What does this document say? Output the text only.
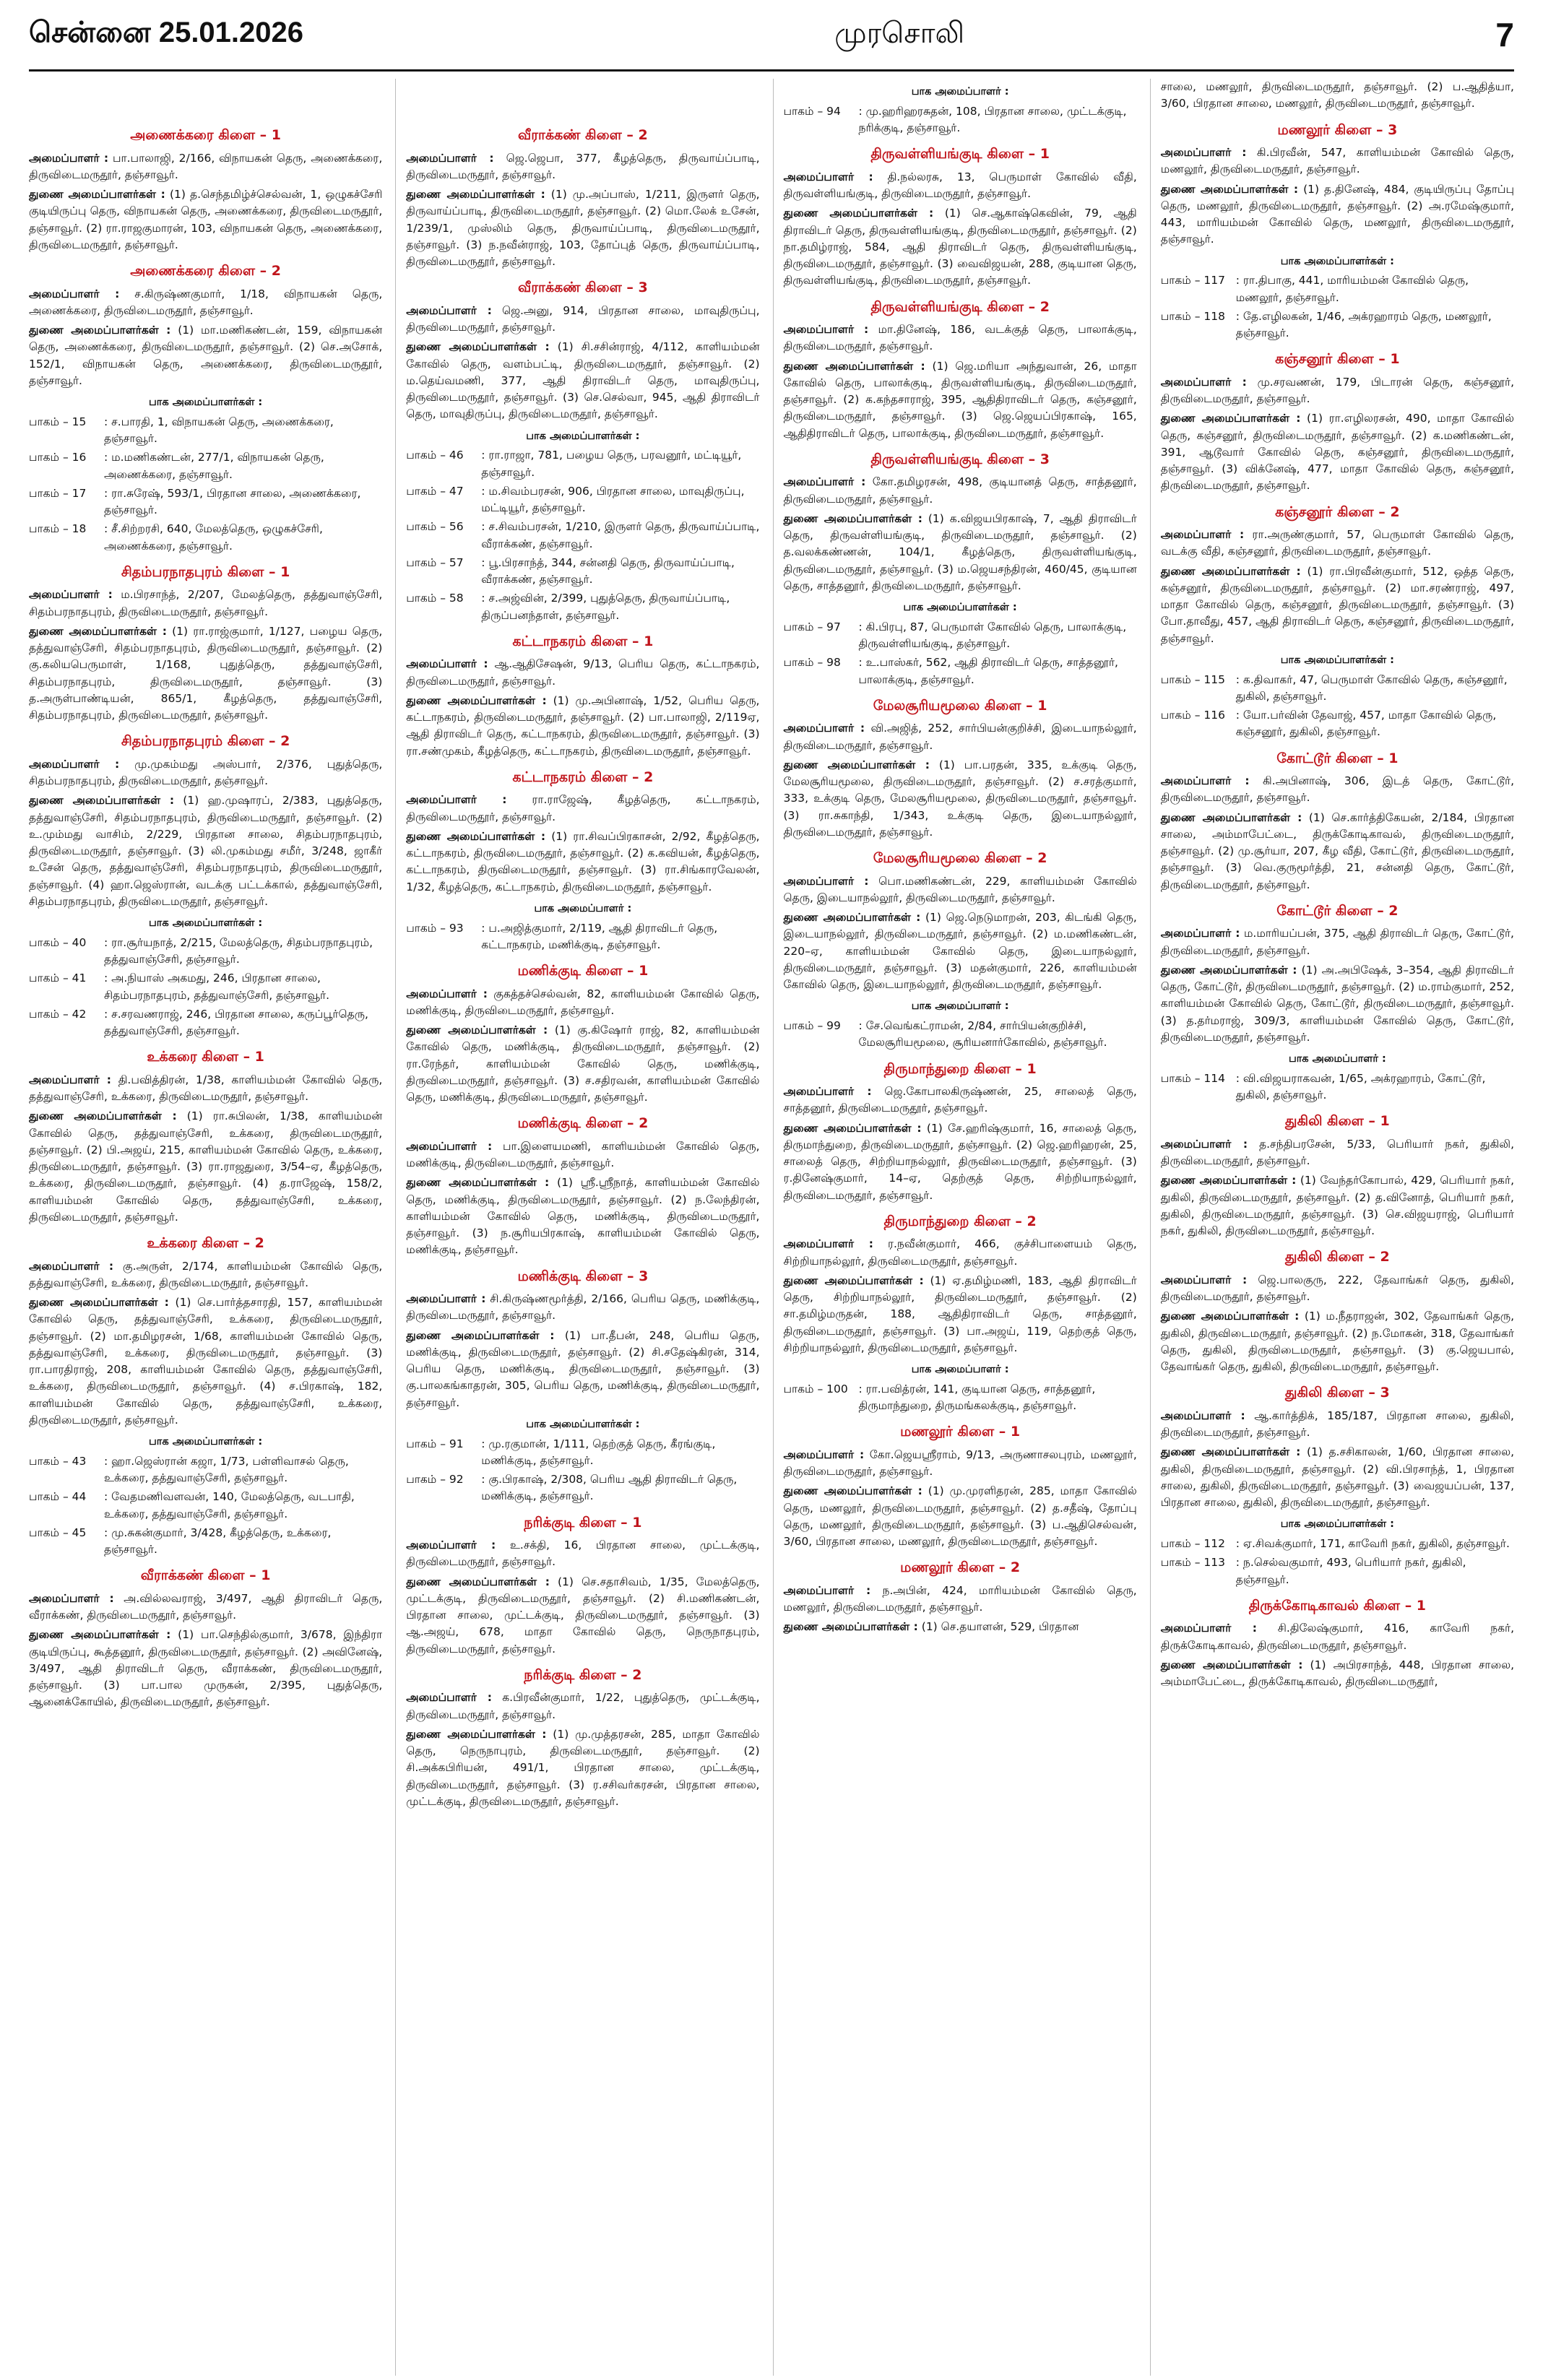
சென்னை 25.01.2026	முரசொலி	7
அணைக்கரை கிளை – 1

அமைப்பாளர் : பா.பாலாஜி, 2/166, விநாயகன் தெரு, அணைக்கரை, திருவிடைமருதூர், தஞ்சாவூர்.

துணை அமைப்பாளர்கள் : (1) த.செந்தமிழ்ச்செல்வன், 1, ஒழுகச்சேரி குடியிருப்பு தெரு, விநாயகன் தெரு, அணைக்கரை, திருவிடைமருதூர், தஞ்சாவூர். (2) ரா.ராஜகுமாரன், 103, விநாயகன் தெரு, அணைக்கரை, திருவிடைமருதூர், தஞ்சாவூர்.

அணைக்கரை கிளை – 2

அமைப்பாளர் : ச.கிருஷ்ணகுமார், 1/18, விநாயகன் தெரு, அணைக்கரை, திருவிடைமருதூர், தஞ்சாவூர்.

துணை அமைப்பாளர்கள் : (1) மா.மணிகண்டன், 159, விநாயகன் தெரு, அணைக்கரை, திருவிடைமருதூர், தஞ்சாவூர். (2) செ.அசோக், 152/1, விநாயகன் தெரு, அணைக்கரை, திருவிடைமருதூர், தஞ்சாவூர்.

பாக அமைப்பாளர்கள் :
பாகம் – 15	: ச.பாரதி, 1, விநாயகன் தெரு, அணைக்கரை, தஞ்சாவூர்.
பாகம் – 16	: ம.மணிகண்டன், 277/1, விநாயகன் தெரு, அணைக்கரை, தஞ்சாவூர்.
பாகம் – 17	: ரா.சுரேஷ், 593/1, பிரதான சாலை, அணைக்கரை, தஞ்சாவூர்.
பாகம் – 18	: சீ.சிற்றரசி, 640, மேலத்தெரு, ஒழுகச்சேரி, அணைக்கரை, தஞ்சாவூர்.
சிதம்பரநாதபுரம் கிளை – 1

அமைப்பாளர் : ம.பிரசாந்த், 2/207, மேலத்தெரு, தத்துவாஞ்சேரி, சிதம்பரநாதபுரம், திருவிடைமருதூர், தஞ்சாவூர்.

துணை அமைப்பாளர்கள் : (1) ரா.ராஜ்குமார், 1/127, பழைய தெரு, தத்துவாஞ்சேரி, சிதம்பரநாதபுரம், திருவிடைமருதூர், தஞ்சாவூர். (2) கு.கலியபெருமாள், 1/168, புதுத்தெரு, தத்துவாஞ்சேரி, சிதம்பரநாதபுரம், திருவிடைமருதூர், தஞ்சாவூர். (3) த.அருள்பாண்டியன், 865/1, கீழத்தெரு, தத்துவாஞ்சேரி, சிதம்பரநாதபுரம், திருவிடைமருதூர், தஞ்சாவூர்.

சிதம்பரநாதபுரம் கிளை – 2

அமைப்பாளர் : மு.முகம்மது அஸ்பார், 2/376, புதுத்தெரு, சிதம்பரநாதபுரம், திருவிடைமருதூர், தஞ்சாவூர்.

துணை அமைப்பாளர்கள் : (1) ஹ.முஷாரப், 2/383, புதுத்தெரு, தத்துவாஞ்சேரி, சிதம்பரநாதபுரம், திருவிடைமருதூர், தஞ்சாவூர். (2) உ.மும்மது வாசிம், 2/229, பிரதான சாலை, சிதம்பரநாதபுரம், திருவிடைமருதூர், தஞ்சாவூர். (3) லி.முகம்மது சமீர், 3/248, ஜாகீர் உசேன் தெரு, தத்துவாஞ்சேரி, சிதம்பரநாதபுரம், திருவிடைமருதூர், தஞ்சாவூர். (4) ஹா.ஜெஸ்ரான், வடக்கு பட்டக்கால், தத்துவாஞ்சேரி, சிதம்பரநாதபுரம், திருவிடைமருதூர், தஞ்சாவூர்.

பாக அமைப்பாளர்கள் :
பாகம் – 40	: ரா.சூர்யநாத், 2/215, மேலத்தெரு, சிதம்பரநாதபுரம், தத்துவாஞ்சேரி, தஞ்சாவூர்.
பாகம் – 41	: அ.நியாஸ் அகமது, 246, பிரதான சாலை, சிதம்பரநாதபுரம், தத்துவாஞ்சேரி, தஞ்சாவூர்.
பாகம் – 42	: ச.சரவணராஜ், 246, பிரதான சாலை, கருப்பூர்தெரு, தத்துவாஞ்சேரி, தஞ்சாவூர்.
உக்கரை கிளை – 1

அமைப்பாளர் : தி.பவித்திரன், 1/38, காளியம்மன் கோவில் தெரு, தத்துவாஞ்சேரி, உக்கரை, திருவிடைமருதூர், தஞ்சாவூர்.

துணை அமைப்பாளர்கள் : (1) ரா.சுபிலன், 1/38, காளியம்மன் கோவில் தெரு, தத்துவாஞ்சேரி, உக்கரை, திருவிடைமருதூர், தஞ்சாவூர். (2) பி.அஜய், 215, காளியம்மன் கோவில் தெரு, உக்கரை, திருவிடைமருதூர், தஞ்சாவூர். (3) ரா.ராஜதுரை, 3/54–ஏ, கீழத்தெரு, உக்கரை, திருவிடைமருதூர், தஞ்சாவூர். (4) த.ராஜேஷ், 158/2, காளியம்மன் கோவில் தெரு, தத்துவாஞ்சேரி, உக்கரை, திருவிடைமருதூர், தஞ்சாவூர்.

உக்கரை கிளை – 2

அமைப்பாளர் : கு.அருள், 2/174, காளியம்மன் கோவில் தெரு, தத்துவாஞ்சேரி, உக்கரை, திருவிடைமருதூர், தஞ்சாவூர்.

துணை அமைப்பாளர்கள் : (1) செ.பார்த்தசாரதி, 157, காளியம்மன் கோவில் தெரு, தத்துவாஞ்சேரி, உக்கரை, திருவிடைமருதூர், தஞ்சாவூர். (2) மா.தமிழரசன், 1/68, காளியம்மன் கோவில் தெரு, தத்துவாஞ்சேரி, உக்கரை, திருவிடைமருதூர், தஞ்சாவூர். (3) ரா.பாரதிராஜ், 208, காளியம்மன் கோவில் தெரு, தத்துவாஞ்சேரி, உக்கரை, திருவிடைமருதூர், தஞ்சாவூர். (4) ச.பிரகாஷ், 182, காளியம்மன் கோவில் தெரு, தத்துவாஞ்சேரி, உக்கரை, திருவிடைமருதூர், தஞ்சாவூர்.

பாக அமைப்பாளர்கள் :
பாகம் – 43	: ஹா.ஜெஸ்ரான் கஜா, 1/73, பள்ளிவாசல் தெரு, உக்கரை, தத்துவாஞ்சேரி, தஞ்சாவூர்.
பாகம் – 44	: வேதமணிவளவன், 140, மேலத்தெரு, வடபாதி, உக்கரை, தத்துவாஞ்சேரி, தஞ்சாவூர்.
பாகம் – 45	: மு.சுகன்குமார், 3/428, கீழத்தெரு, உக்கரை, தஞ்சாவூர்.
வீராக்கண் கிளை – 1

அமைப்பாளர் : அ.வில்லவராஜ், 3/497, ஆதி திராவிடர் தெரு, வீராக்கண், திருவிடைமருதூர், தஞ்சாவூர்.

துணை அமைப்பாளர்கள் : (1) பா.செந்தில்குமார், 3/678, இந்திரா குடியிருப்பு, கூத்தனூர், திருவிடைமருதூர், தஞ்சாவூர். (2) அவினேஷ், 3/497, ஆதி திராவிடர் தெரு, வீராக்கண், திருவிடைமருதூர், தஞ்சாவூர். (3) பா.பால முருகன், 2/395, புதுத்தெரு, ஆனைக்கோயில், திருவிடைமருதூர், தஞ்சாவூர்.

வீராக்கண் கிளை – 2

அமைப்பாளர் : ஜெ.ஜெபா, 377, கீழத்தெரு, திருவாய்ப்பாடி, திருவிடைமருதூர், தஞ்சாவூர்.

துணை அமைப்பாளர்கள் : (1) மு.அப்பாஸ், 1/211, இருளர் தெரு, திருவாய்ப்பாடி, திருவிடைமருதூர், தஞ்சாவூர். (2) மொ.லேக் உசேன், 1/239/1, முஸ்லிம் தெரு, திருவாய்ப்பாடி, திருவிடைமருதூர், தஞ்சாவூர். (3) ந.நவீன்ராஜ், 103, தோப்புத் தெரு, திருவாய்ப்பாடி, திருவிடைமருதூர், தஞ்சாவூர்.

வீராக்கண் கிளை – 3

அமைப்பாளர் : ஜெ.அனு, 914, பிரதான சாலை, மாவுதிருப்பு, திருவிடைமருதூர், தஞ்சாவூர்.

துணை அமைப்பாளர்கள் : (1) சி.சசின்ராஜ், 4/112, காளியம்மன் கோவில் தெரு, வளம்பட்டி, திருவிடைமருதூர், தஞ்சாவூர். (2) ம.தெய்வமணி, 377, ஆதி திராவிடர் தெரு, மாவுதிருப்பு, திருவிடைமருதூர், தஞ்சாவூர். (3) செ.செல்வா, 945, ஆதி திராவிடர் தெரு, மாவுதிருப்பு, திருவிடைமருதூர், தஞ்சாவூர்.

பாக அமைப்பாளர்கள் :
பாகம் – 46	: ரா.ராஜா, 781, பழைய தெரு, பரவனூர், மட்டியூர், தஞ்சாவூர்.
பாகம் – 47	: ம.சிவம்பரசன், 906, பிரதான சாலை, மாவுதிருப்பு, மட்டியூர், தஞ்சாவூர்.
பாகம் – 56	: ச.சிவம்பரசன், 1/210, இருளர் தெரு, திருவாய்ப்பாடி, வீராக்கண், தஞ்சாவூர்.
பாகம் – 57	: பூ.பிரசாந்த், 344, சன்னதி தெரு, திருவாய்ப்பாடி, வீராக்கண், தஞ்சாவூர்.
பாகம் – 58	: ச.அஜ்வின், 2/399, புதுத்தெரு, திருவாய்ப்பாடி, திருப்பனந்தாள், தஞ்சாவூர்.
கட்டாநகரம் கிளை – 1

அமைப்பாளர் : ஆ.ஆதிசேஷன், 9/13, பெரிய தெரு, கட்டாநகரம், திருவிடைமருதூர், தஞ்சாவூர்.

துணை அமைப்பாளர்கள் : (1) மு.அபினாஷ், 1/52, பெரிய தெரு, கட்டாநகரம், திருவிடைமருதூர், தஞ்சாவூர். (2) பா.பாலாஜி, 2/119ஏ, ஆதி திராவிடர் தெரு, கட்டாநகரம், திருவிடைமருதூர், தஞ்சாவூர். (3) ரா.சண்முகம், கீழத்தெரு, கட்டாநகரம், திருவிடைமருதூர், தஞ்சாவூர்.

கட்டாநகரம் கிளை – 2

அமைப்பாளர் : ரா.ராஜேஷ், கீழத்தெரு, கட்டாநகரம், திருவிடைமருதூர், தஞ்சாவூர்.

துணை அமைப்பாளர்கள் : (1) ரா.சிவப்பிரகாசன், 2/92, கீழத்தெரு, கட்டாநகரம், திருவிடைமருதூர், தஞ்சாவூர். (2) க.கவியன், கீழத்தெரு, கட்டாநகரம், திருவிடைமருதூர், தஞ்சாவூர். (3) ரா.சிங்காரவேலன், 1/32, கீழத்தெரு, கட்டாநகரம், திருவிடைமருதூர், தஞ்சாவூர்.

பாக அமைப்பாளர் :
பாகம் – 93	: ப.அஜித்குமார், 2/119, ஆதி திராவிடர் தெரு, கட்டாநகரம், மணிக்குடி, தஞ்சாவூர்.
மணிக்குடி கிளை – 1

அமைப்பாளர் : குகத்தச்செல்வன், 82, காளியம்மன் கோவில் தெரு, மணிக்குடி, திருவிடைமருதூர், தஞ்சாவூர்.

துணை அமைப்பாளர்கள் : (1) கு.கிஷோர் ராஜ், 82, காளியம்மன் கோவில் தெரு, மணிக்குடி, திருவிடைமருதூர், தஞ்சாவூர். (2) ரா.ரேந்தர், காளியம்மன் கோவில் தெரு, மணிக்குடி, திருவிடைமருதூர், தஞ்சாவூர். (3) ச.சதிரவன், காளியம்மன் கோவில் தெரு, மணிக்குடி, திருவிடைமருதூர், தஞ்சாவூர்.

மணிக்குடி கிளை – 2

அமைப்பாளர் : பா.இளையமணி, காளியம்மன் கோவில் தெரு, மணிக்குடி, திருவிடைமருதூர், தஞ்சாவூர்.

துணை அமைப்பாளர்கள் : (1) ஸ்ரீ.ஸ்ரீநாத், காளியம்மன் கோவில் தெரு, மணிக்குடி, திருவிடைமருதூர், தஞ்சாவூர். (2) ந.லேந்திரன், காளியம்மன் கோவில் தெரு, மணிக்குடி, திருவிடைமருதூர், தஞ்சாவூர். (3) ந.சூரியபிரகாஷ், காளியம்மன் கோவில் தெரு, மணிக்குடி, தஞ்சாவூர்.

மணிக்குடி கிளை – 3

அமைப்பாளர் : சி.கிருஷ்ணமூர்த்தி, 2/166, பெரிய தெரு, மணிக்குடி, திருவிடைமருதூர், தஞ்சாவூர்.

துணை அமைப்பாளர்கள் : (1) பா.தீபன், 248, பெரிய தெரு, மணிக்குடி, திருவிடைமருதூர், தஞ்சாவூர். (2) சி.சதேஷ்கிரன், 314, பெரிய தெரு, மணிக்குடி, திருவிடைமருதூர், தஞ்சாவூர். (3) கு.பாலகங்காதரன், 305, பெரிய தெரு, மணிக்குடி, திருவிடைமருதூர், தஞ்சாவூர்.

பாக அமைப்பாளர்கள் :
பாகம் – 91	: மு.ரகுமான், 1/111, தெற்குத் தெரு, கீரங்குடி, மணிக்குடி, தஞ்சாவூர்.
பாகம் – 92	: கு.பிரகாஷ், 2/308, பெரிய ஆதி திராவிடர் தெரு, மணிக்குடி, தஞ்சாவூர்.
நரிக்குடி கிளை – 1

அமைப்பாளர் : உ.சக்தி, 16, பிரதான சாலை, முட்டக்குடி, திருவிடைமருதூர், தஞ்சாவூர்.

துணை அமைப்பாளர்கள் : (1) செ.சதாசிவம், 1/35, மேலத்தெரு, முட்டக்குடி, திருவிடைமருதூர், தஞ்சாவூர். (2) சி.மணிகண்டன், பிரதான சாலை, முட்டக்குடி, திருவிடைமருதூர், தஞ்சாவூர். (3) ஆ.அஜய், 678, மாதா கோவில் தெரு, நெருநாதபுரம், திருவிடைமருதூர், தஞ்சாவூர்.

நரிக்குடி கிளை – 2

அமைப்பாளர் : க.பிரவீன்குமார், 1/22, புதுத்தெரு, முட்டக்குடி, திருவிடைமருதூர், தஞ்சாவூர்.

துணை அமைப்பாளர்கள் : (1) மு.முத்தரசன், 285, மாதா கோவில் தெரு, நெருநாபுரம், திருவிடைமருதூர், தஞ்சாவூர். (2) சி.அக்கபிரியன், 491/1, பிரதான சாலை, முட்டக்குடி, திருவிடைமருதூர், தஞ்சாவூர். (3) ர.சசிவர்கரசன், பிரதான சாலை, முட்டக்குடி, திருவிடைமருதூர், தஞ்சாவூர்.

பாக அமைப்பாளர் :
பாகம் – 94	: மு.ஹரிஹரசுதன், 108, பிரதான சாலை, முட்டக்குடி, நரிக்குடி, தஞ்சாவூர்.
திருவள்ளியங்குடி கிளை – 1

அமைப்பாளர் : தி.நல்லரசு, 13, பெருமாள் கோவில் வீதி, திருவள்ளியங்குடி, திருவிடைமருதூர், தஞ்சாவூர்.

துணை அமைப்பாளர்கள் : (1) செ.ஆகாஷ்கெவின், 79, ஆதி திராவிடர் தெரு, திருவள்ளியங்குடி, திருவிடைமருதூர், தஞ்சாவூர். (2) நா.தமிழ்ராஜ், 584, ஆதி திராவிடர் தெரு, திருவள்ளியங்குடி, திருவிடைமருதூர், தஞ்சாவூர். (3) வைவிஜயன், 288, குடியான தெரு, திருவள்ளியங்குடி, திருவிடைமருதூர், தஞ்சாவூர்.

திருவள்ளியங்குடி கிளை – 2

அமைப்பாளர் : மா.தினேஷ், 186, வடக்குத் தெரு, பாலாக்குடி, திருவிடைமருதூர், தஞ்சாவூர்.

துணை அமைப்பாளர்கள் : (1) ஜெ.மரியா அந்துவான், 26, மாதா கோவில் தெரு, பாலாக்குடி, திருவள்ளியங்குடி, திருவிடைமருதூர், தஞ்சாவூர். (2) க.கந்தசாராஜ், 395, ஆதிதிராவிடர் தெரு, கஞ்சனூர், திருவிடைமருதூர், தஞ்சாவூர். (3) ஜெ.ஜெயப்பிரகாஷ், 165, ஆதிதிராவிடர் தெரு, பாலாக்குடி, திருவிடைமருதூர், தஞ்சாவூர்.

திருவள்ளியங்குடி கிளை – 3

அமைப்பாளர் : கோ.தமிழரசன், 498, குடியானத் தெரு, சாத்தனூர், திருவிடைமருதூர், தஞ்சாவூர்.

துணை அமைப்பாளர்கள் : (1) க.விஜயபிரகாஷ், 7, ஆதி திராவிடர் தெரு, திருவள்ளியங்குடி, திருவிடைமருதூர், தஞ்சாவூர். (2) த.வலக்கண்ணன், 104/1, கீழத்தெரு, திருவள்ளியங்குடி, திருவிடைமருதூர், தஞ்சாவூர். (3) ம.ஜெயசந்திரன், 460/45, குடியான தெரு, சாத்தனூர், திருவிடைமருதூர், தஞ்சாவூர்.

பாக அமைப்பாளர்கள் :
பாகம் – 97	: கி.பிரபு, 87, பெருமாள் கோவில் தெரு, பாலாக்குடி, திருவள்ளியங்குடி, தஞ்சாவூர்.
பாகம் – 98	: உ.பாஸ்கர், 562, ஆதி திராவிடர் தெரு, சாத்தனூர், பாலாக்குடி, தஞ்சாவூர்.
மேலசூரியமூலை கிளை – 1

அமைப்பாளர் : வி.அஜித், 252, சார்பியன்குறிச்சி, இடையாநல்லூர், திருவிடைமருதூர், தஞ்சாவூர்.

துணை அமைப்பாளர்கள் : (1) பா.பரதன், 335, உக்குடி தெரு, மேலசூரியமூலை, திருவிடைமருதூர், தஞ்சாவூர். (2) ச.சரத்குமார், 333, உக்குடி தெரு, மேலசூரியமூலை, திருவிடைமருதூர், தஞ்சாவூர். (3) ரா.சுகாந்தி, 1/343, உக்குடி தெரு, இடையாநல்லூர், திருவிடைமருதூர், தஞ்சாவூர்.

மேலசூரியமூலை கிளை – 2

அமைப்பாளர் : பொ.மணிகண்டன், 229, காளியம்மன் கோவில் தெரு, இடையாநல்லூர், திருவிடைமருதூர், தஞ்சாவூர்.

துணை அமைப்பாளர்கள் : (1) ஜெ.நெடுமாறன், 203, கிடங்கி தெரு, இடையாநல்லூர், திருவிடைமருதூர், தஞ்சாவூர். (2) ம.மணிகண்டன், 220–ஏ, காளியம்மன் கோவில் தெரு, இடையாநல்லூர், திருவிடைமருதூர், தஞ்சாவூர். (3) மதன்குமார், 226, காளியம்மன் கோவில் தெரு, இடையாநல்லூர், திருவிடைமருதூர், தஞ்சாவூர்.

பாக அமைப்பாளர் :
பாகம் – 99	: சே.வெங்கட்ராமன், 2/84, சார்பியன்குறிச்சி, மேலசூரியமூலை, சூரியனார்கோவில், தஞ்சாவூர்.
திருமாந்துறை கிளை – 1

அமைப்பாளர் : ஜெ.கோபாலகிருஷ்ணன், 25, சாலைத் தெரு, சாத்தனூர், திருவிடைமருதூர், தஞ்சாவூர்.

துணை அமைப்பாளர்கள் : (1) சே.ஹரிஷ்குமார், 16, சாலைத் தெரு, திருமாந்துறை, திருவிடைமருதூர், தஞ்சாவூர். (2) ஜெ.ஹரிஹரன், 25, சாலைத் தெரு, சிற்றியாநல்லூர், திருவிடைமருதூர், தஞ்சாவூர். (3) ர.தினேஷ்குமார், 14–ஏ, தெற்குத் தெரு, சிற்றியாநல்லூர், திருவிடைமருதூர், தஞ்சாவூர்.

திருமாந்துறை கிளை – 2

அமைப்பாளர் : ர.நவீன்குமார், 466, குச்சிபாளையம் தெரு, சிற்றியாநல்லூர், திருவிடைமருதூர், தஞ்சாவூர்.

துணை அமைப்பாளர்கள் : (1) ஏ.தமிழ்மணி, 183, ஆதி திராவிடர் தெரு, சிற்றியாநல்லூர், திருவிடைமருதூர், தஞ்சாவூர். (2) சா.தமிழ்மருதன், 188, ஆதிதிராவிடர் தெரு, சாத்தனூர், திருவிடைமருதூர், தஞ்சாவூர். (3) பா.அஜய், 119, தெற்குத் தெரு, சிற்றியாநல்லூர், திருவிடைமருதூர், தஞ்சாவூர்.

பாக அமைப்பாளர் :
பாகம் – 100 : ரா.பவித்ரன், 141, குடியான தெரு, சாத்தனூர், திருமாந்துறை, திருமங்கலக்குடி, தஞ்சாவூர்.
மணலூர் கிளை – 1

அமைப்பாளர் : கோ.ஜெயஸ்ரீராம், 9/13, அருணாசலபுரம், மணலூர், திருவிடைமருதூர், தஞ்சாவூர்.

துணை அமைப்பாளர்கள் : (1) மு.முரளிதரன், 285, மாதா கோவில் தெரு, மணலூர், திருவிடைமருதூர், தஞ்சாவூர். (2) த.சதீஷ், தோப்பு தெரு, மணலூர், திருவிடைமருதூர், தஞ்சாவூர். (3) ப.ஆதிசெல்வன், 3/60, பிரதான சாலை, மணலூர், திருவிடைமருதூர், தஞ்சாவூர்.

மணலூர் கிளை – 2

அமைப்பாளர் : ந.அபின், 424, மாரியம்மன் கோவில் தெரு, மணலூர், திருவிடைமருதூர், தஞ்சாவூர்.

துணை அமைப்பாளர்கள் : (1) செ.தயாளன், 529, பிரதான

சாலை, மணலூர், திருவிடைமருதூர், தஞ்சாவூர். (2) ப.ஆதித்யா, 3/60, பிரதான சாலை, மணலூர், திருவிடைமருதூர், தஞ்சாவூர்.

மணலூர் கிளை – 3

அமைப்பாளர் : கி.பிரவீன், 547, காளியம்மன் கோவில் தெரு, மணலூர், திருவிடைமருதூர், தஞ்சாவூர்.

துணை அமைப்பாளர்கள் : (1) த.தினேஷ், 484, குடியிருப்பு தோப்பு தெரு, மணலூர், திருவிடைமருதூர், தஞ்சாவூர். (2) அ.ரமேஷ்குமார், 443, மாரியம்மன் கோவில் தெரு, மணலூர், திருவிடைமருதூர், தஞ்சாவூர்.

பாக அமைப்பாளர்கள் :
பாகம் – 117 : ரா.திபாகு, 441, மாரியம்மன் கோவில் தெரு, மணலூர், தஞ்சாவூர்.
பாகம் – 118 : தே.எழிலகன், 1/46, அக்ரஹாரம் தெரு, மணலூர், தஞ்சாவூர்.
கஞ்சனூர் கிளை – 1

அமைப்பாளர் : மு.சரவணன், 179, பிடாரன் தெரு, கஞ்சனூர், திருவிடைமருதூர், தஞ்சாவூர்.

துணை அமைப்பாளர்கள் : (1) ரா.எழிலரசன், 490, மாதா கோவில் தெரு, கஞ்சனூர், திருவிடைமருதூர், தஞ்சாவூர். (2) க.மணிகண்டன், 391, ஆடூவார் கோவில் தெரு, கஞ்சனூர், திருவிடைமருதூர், தஞ்சாவூர். (3) விக்னேஷ், 477, மாதா கோவில் தெரு, கஞ்சனூர், திருவிடைமருதூர், தஞ்சாவூர்.

கஞ்சனூர் கிளை – 2

அமைப்பாளர் : ரா.அருண்குமார், 57, பெருமாள் கோவில் தெரு, வடக்கு வீதி, கஞ்சனூர், திருவிடைமருதூர், தஞ்சாவூர்.

துணை அமைப்பாளர்கள் : (1) ரா.பிரவீன்குமார், 512, ஒத்த தெரு, கஞ்சனூர், திருவிடைமருதூர், தஞ்சாவூர். (2) மா.சரண்ராஜ், 497, மாதா கோவில் தெரு, கஞ்சனூர், திருவிடைமருதூர், தஞ்சாவூர். (3) போ.தாவீது, 457, ஆதி திராவிடர் தெரு, கஞ்சனூர், திருவிடைமருதூர், தஞ்சாவூர்.

பாக அமைப்பாளர்கள் :
பாகம் – 115 : க.திவாகர், 47, பெருமாள் கோவில் தெரு, கஞ்சனூர், துகிலி, தஞ்சாவூர்.
பாகம் – 116 : யோ.பர்வின் தேவாஜ், 457, மாதா கோவில் தெரு, கஞ்சனூர், துகிலி, தஞ்சாவூர்.
கோட்டூர் கிளை – 1

அமைப்பாளர் : கி.அபினாஷ், 306, இடத் தெரு, கோட்டூர், திருவிடைமருதூர், தஞ்சாவூர்.

துணை அமைப்பாளர்கள் : (1) செ.கார்த்திகேயன், 2/184, பிரதான சாலை, அம்மாபேட்டை, திருக்கோடிகாவல், திருவிடைமருதூர், தஞ்சாவூர். (2) மு.சூர்யா, 207, கீழ வீதி, கோட்டூர், திருவிடைமருதூர், தஞ்சாவூர். (3) வெ.குருமூர்த்தி, 21, சன்னதி தெரு, கோட்டூர், திருவிடைமருதூர், தஞ்சாவூர்.

கோட்டூர் கிளை – 2

அமைப்பாளர் : ம.மாரியப்பன், 375, ஆதி திராவிடர் தெரு, கோட்டூர், திருவிடைமருதூர், தஞ்சாவூர்.

துணை அமைப்பாளர்கள் : (1) அ.அபிஷேக், 3–354, ஆதி திராவிடர் தெரு, கோட்டூர், திருவிடைமருதூர், தஞ்சாவூர். (2) ம.ராம்குமார், 252, காளியம்மன் கோவில் தெரு, கோட்டூர், திருவிடைமருதூர், தஞ்சாவூர். (3) த.தர்மராஜ், 309/3, காளியம்மன் கோவில் தெரு, கோட்டூர், திருவிடைமருதூர், தஞ்சாவூர்.

பாக அமைப்பாளர் :
பாகம் – 114 : வி.விஜயராகவன், 1/65, அக்ரஹாரம், கோட்டூர், துகிலி, தஞ்சாவூர்.
துகிலி கிளை – 1

அமைப்பாளர் : த.சந்திபரசேன், 5/33, பெரியார் நகர், துகிலி, திருவிடைமருதூர், தஞ்சாவூர்.

துணை அமைப்பாளர்கள் : (1) வேந்தர்கோபால், 429, பெரியார் நகர், துகிலி, திருவிடைமருதூர், தஞ்சாவூர். (2) த.வினோத், பெரியார் நகர், துகிலி, திருவிடைமருதூர், தஞ்சாவூர். (3) செ.விஜயராஜ், பெரியார் நகர், துகிலி, திருவிடைமருதூர், தஞ்சாவூர்.

துகிலி கிளை – 2

அமைப்பாளர் : ஜெ.பாலகுரு, 222, தேவாங்கர் தெரு, துகிலி, திருவிடைமருதூர், தஞ்சாவூர்.

துணை அமைப்பாளர்கள் : (1) ம.நீதராஜன், 302, தேவாங்கர் தெரு, துகிலி, திருவிடைமருதூர், தஞ்சாவூர். (2) ந.மோகன், 318, தேவாங்கர் தெரு, துகிலி, திருவிடைமருதூர், தஞ்சாவூர். (3) கு.ஜெயபால், தேவாங்கர் தெரு, துகிலி, திருவிடைமருதூர், தஞ்சாவூர்.

துகிலி கிளை – 3

அமைப்பாளர் : ஆ.கார்த்திக், 185/187, பிரதான சாலை, துகிலி, திருவிடைமருதூர், தஞ்சாவூர்.

துணை அமைப்பாளர்கள் : (1) த.சசிகாலன், 1/60, பிரதான சாலை, துகிலி, திருவிடைமருதூர், தஞ்சாவூர். (2) வி.பிரசாந்த், 1, பிரதான சாலை, துகிலி, திருவிடைமருதூர், தஞ்சாவூர். (3) வைஜயப்பன், 137, பிரதான சாலை, துகிலி, திருவிடைமருதூர், தஞ்சாவூர்.

பாக அமைப்பாளர்கள் :
பாகம் – 112 : ஏ.சிவக்குமார், 171, காவேரி நகர், துகிலி, தஞ்சாவூர்.
பாகம் – 113 : ந.செல்வகுமார், 493, பெரியார் நகர், துகிலி, தஞ்சாவூர்.
திருக்கோடிகாவல் கிளை – 1

அமைப்பாளர் : சி.திலேஷ்குமார், 416, காவேரி நகர், திருக்கோடிகாவல், திருவிடைமருதூர், தஞ்சாவூர்.

துணை அமைப்பாளர்கள் : (1) அபிரசாந்த், 448, பிரதான சாலை, அம்மாபேட்டை, திருக்கோடிகாவல், திருவிடைமருதூர்,
